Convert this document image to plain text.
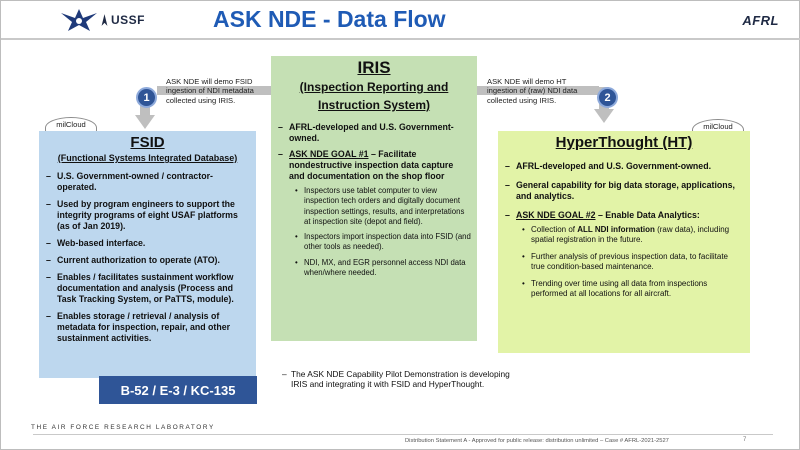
USSF	ASK NDE - Data Flow	AFRL
ASK NDE will demo FSID ingestion of NDI metadata collected using IRIS.
ASK NDE will demo HT ingestion of (raw) NDI data collected using IRIS.
milCloud	milCloud
FSID
(Functional Systems Integrated Database)
– U.S. Government-owned / contractor-operated.
– Used by program engineers to support the integrity programs of eight USAF platforms (as of Jan 2019).
– Web-based interface.
– Current authorization to operate (ATO).
– Enables / facilitates sustainment workflow documentation and analysis (Process and Task Tracking System, or PaTTS, module).
– Enables storage / retrieval / analysis of metadata for inspection, repair, and other sustainment activities.
1
B-52 / E-3 / KC-135
IRIS
(Inspection Reporting and
Instruction System)
– AFRL-developed and U.S. Government-owned.
– ASK NDE GOAL #1 – Facilitate nondestructive inspection data capture and documentation on the shop floor
• Inspectors use tablet computer to view inspection tech orders and digitally document inspection settings, results, and interpretations at inspection site (depot and field).
• Inspectors import inspection data into FSID (and other tools as needed).
• NDI, MX, and EGR personnel access NDI data when/where needed.
– The ASK NDE Capability Pilot Demonstration is developing IRIS and integrating it with FSID and HyperThought.
HyperThought (HT)
– AFRL-developed and U.S. Government-owned.
– General capability for big data storage, applications, and analytics.
– ASK NDE GOAL #2 – Enable Data Analytics:
• Collection of ALL NDI information (raw data), including spatial registration in the future.
• Further analysis of previous inspection data, to facilitate true condition-based maintenance.
• Trending over time using all data from inspections performed at all locations for all aircraft.
2
THE AIR FORCE RESEARCH LABORATORY
Distribution Statement A - Approved for public release: distribution unlimited – Case # AFRL-2021-2527	7
